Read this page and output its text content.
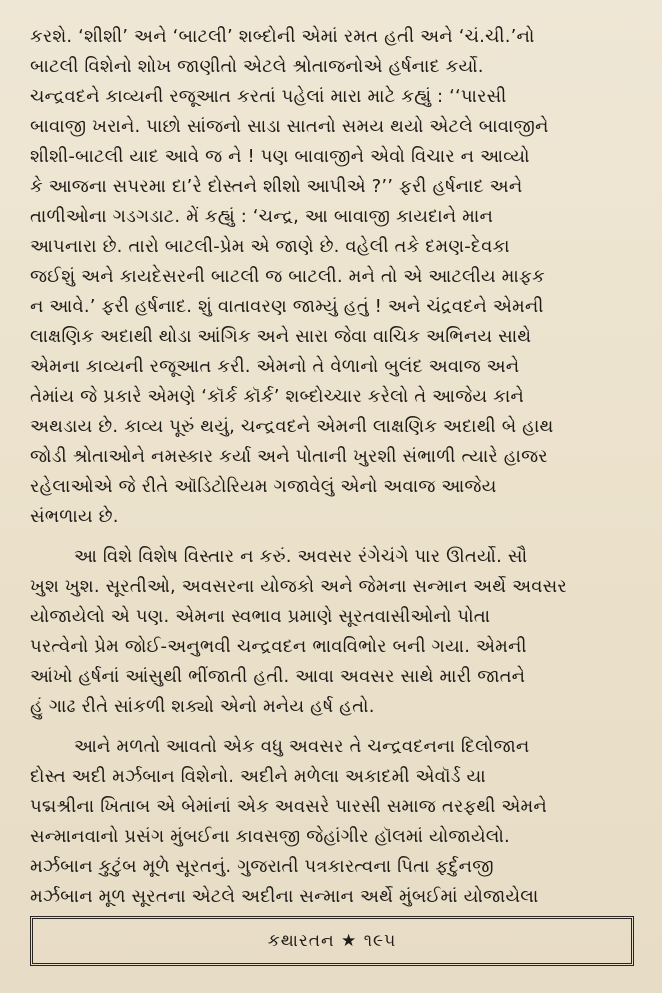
કરશે. ‘શીશી’ અને ‘બાટલી’ શબ્દોની એમાં રમત હતી અને ‘ચં.ચી.’નો
બાટલી વિશેનો શોખ જાણીતો એટલે શ્રોતાજનોએ હર્ષનાદ કર્યો.
ચન્દ્રવદને કાવ્યની રજૂઆત કરતાં પહેલાં મારા માટે કહ્યું : ‘‘પારસી
બાવાજી ખરાને. પાછો સાંજનો સાડા સાતનો સમય થયો એટલે બાવાજીને
શીશી-બાટલી યાદ આવે જ ને ! પણ બાવાજીને એવો વિચાર ન આવ્યો
કે આજના સપરમા દા’રે દોસ્તને શીશો આપીએ ?’’ ફરી હર્ષનાદ અને
તાળીઓના ગડગડાટ. મેં કહ્યું : ‘ચન્દ્ર, આ બાવાજી કાયદાને માન
આપનારા છે. તારો બાટલી-પ્રેમ એ જાણે છે. વહેલી તકે દમણ-દેવકા
જઈશું અને કાયદેસરની બાટલી જ બાટલી. મને તો એ આટલીય માફક
ન આવે.’ ફરી હર્ષનાદ. શું વાતાવરણ જામ્યું હતું ! અને ચંદ્રવદને એમની
લાક્ષણિક અદાથી થોડા આંગિક અને સારા જેવા વાચિક અભિનય સાથે
એમના કાવ્યની રજૂઆત કરી. એમનો તે વેળાનો બુલંદ અવાજ અને
તેમાંય જે પ્રકારે એમણે ‘કૉર્ક કૉર્ક’ શબ્દોચ્ચાર કરેલો તે આજેય કાને
અથડાય છે. કાવ્ય પૂરું થયું, ચન્દ્રવદને એમની લાક્ષણિક અદાથી બે હાથ
જોડી શ્રોતાઓને નમસ્કાર કર્યા અને પોતાની ખુરશી સંભાળી ત્યારે હાજર
રહેલાઓએ જે રીતે ઑડિટોરિયમ ગજાવેલું એનો અવાજ આજેય
સંભળાય છે.
આ વિશે વિશેષ વિસ્તાર ન કરું. અવસર રંગેચંગે પાર ઊતર્યો. સૌ
ખુશ ખુશ. સૂરતીઓ, અવસરના યોજકો અને જેમના સન્માન અર્થે અવસર
યોજાયેલો એ પણ. એમના સ્વભાવ પ્રમાણે સૂરતવાસીઓનો પોતા
પરત્વેનો પ્રેમ જોઈ-અનુભવી ચન્દ્રવદન ભાવવિભોર બની ગયા. એમની
આંખો હર્ષનાં આંસુથી ભીંજાતી હતી. આવા અવસર સાથે મારી જાતને
હું ગાઢ રીતે સાંકળી શક્યો એનો મનેય હર્ષ હતો.
આને મળતો આવતો એક વધુ અવસર તે ચન્દ્રવદનના દિલોજાન
દોસ્ત અદી મર્ઝબાન વિશેનો. અદીને મળેલા અકાદમી એવૉર્ડ યા
પદ્મશ્રીના ખિતાબ એ બેમાંનાં એક અવસરે પારસી સમાજ તરફથી એમને
સન્માનવાનો પ્રસંગ મુંબઈના કાવસજી જેહાંગીર હૉલમાં યોજાયેલો.
મર્ઝબાન કુટુંબ મૂળે સૂરતનું. ગુજરાતી પત્રકારત્વના પિતા ફર્દુનજી
મર્ઝબાન મૂળ સૂરતના એટલે અદીના સન્માન અર્થે મુંબઈમાં યોજાયેલા
કથારતન ★ ૧૯૫
